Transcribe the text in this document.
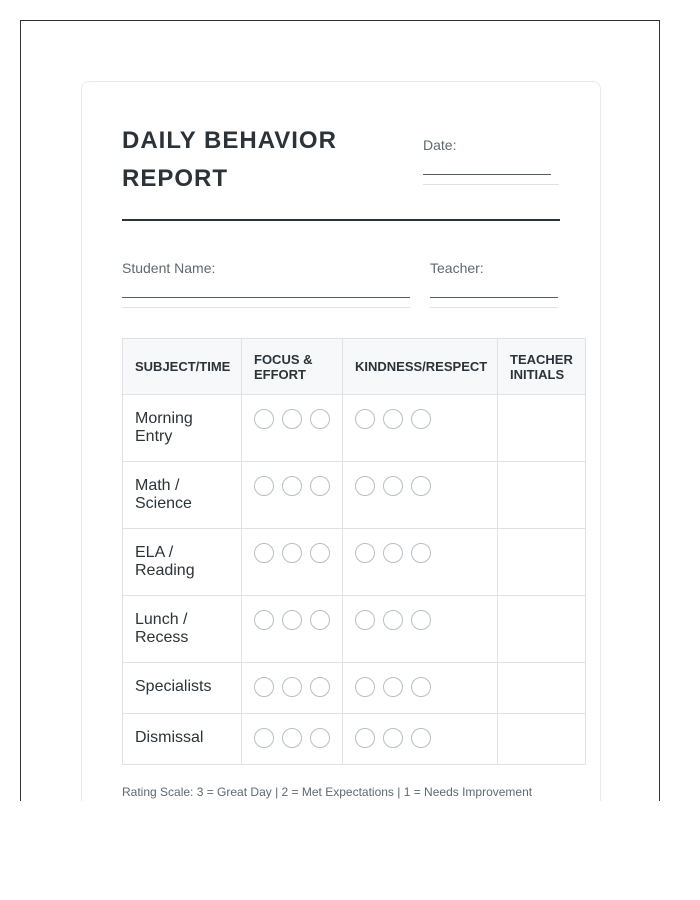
DAILY BEHAVIOR REPORT
Date:
Student Name:	Teacher:
SUBJECT/TIME	FOCUS & EFFORT	KINDNESS/RESPECT	TEACHER INITIALS

Morning Entry			

Math / Science			

ELA / Reading			

Lunch / Recess			

Specialists			

Dismissal			

Rating Scale: 3 = Great Day | 2 = Met Expectations | 1 = Needs Improvement
